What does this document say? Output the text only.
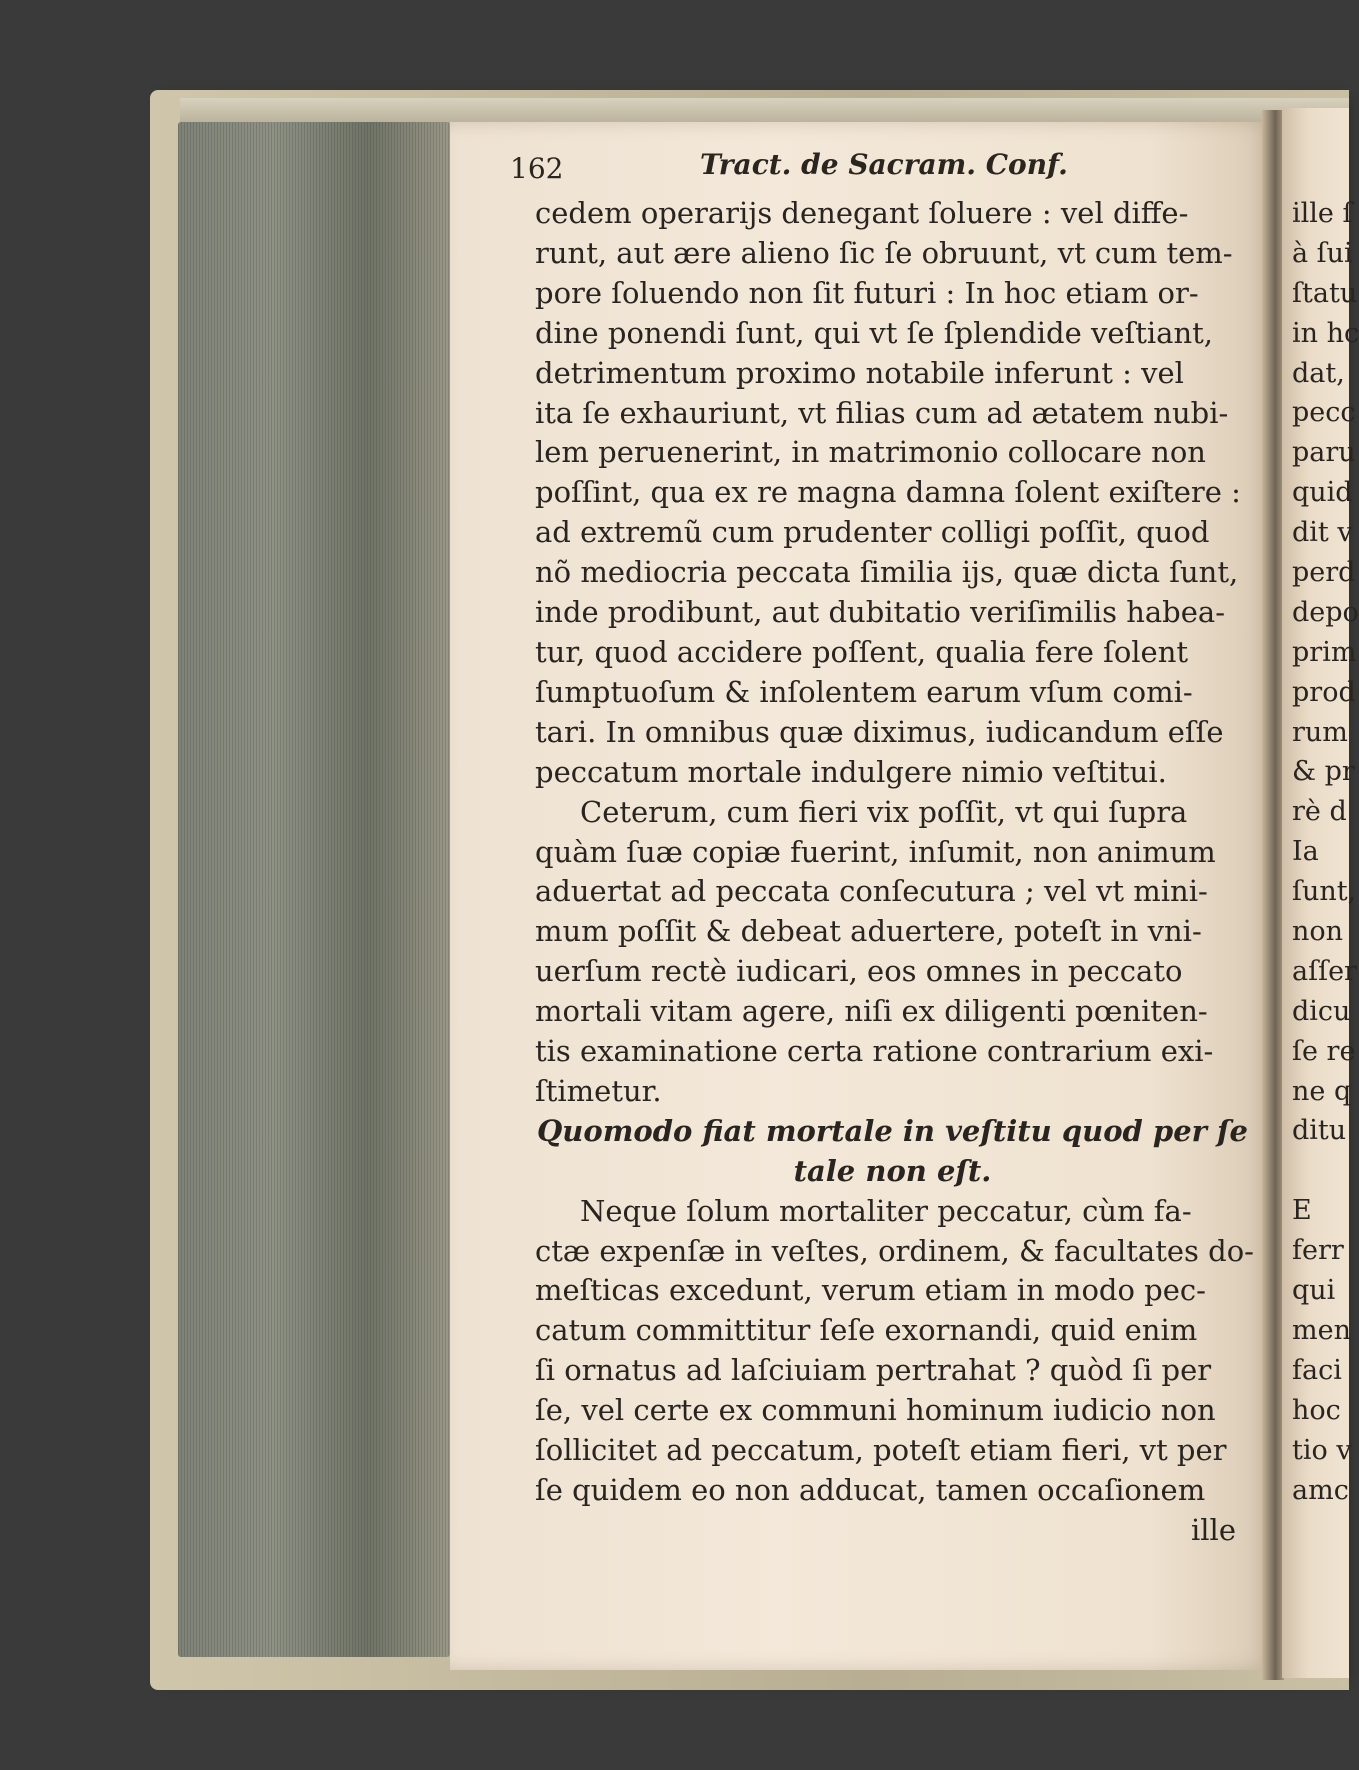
162	Tract. de Sacram. Conf.
cedem operarijs denegant ſoluere : vel diffe-
runt, aut ære alieno ſic ſe obruunt, vt cum tem-
pore ſoluendo non ſit futuri : In hoc etiam or-
dine ponendi ſunt, qui vt ſe ſplendide veſtiant,
detrimentum proximo notabile inferunt : vel
ita ſe exhauriunt, vt filias cum ad ætatem nubi-
lem peruenerint, in matrimonio collocare non
poſſint, qua ex re magna damna ſolent exiſtere :
ad extremũ cum prudenter colligi poſſit, quod
nõ mediocria peccata ſimilia ijs, quæ dicta ſunt,
inde prodibunt, aut dubitatio veriſimilis habea-
tur, quod accidere poſſent, qualia fere ſolent
ſumptuoſum & inſolentem earum vſum comi-
tari. In omnibus quæ diximus, iudicandum eſſe
peccatum mortale indulgere nimio veſtitui.
Ceterum, cum fieri vix poſſit, vt qui ſupra
quàm ſuæ copiæ fuerint, inſumit, non animum
aduertat ad peccata conſecutura ; vel vt mini-
mum poſſit & debeat aduertere, poteſt in vni-
uerſum rectè iudicari, eos omnes in peccato
mortali vitam agere, niſi ex diligenti pœniten-
tis examinatione certa ratione contrarium exi-
ſtimetur.
Quomodo fiat mortale in veſtitu quod per ſe
tale non eſt.
Neque ſolum mortaliter peccatur, cùm fa-
ctæ expenſæ in veſtes, ordinem, & facultates do-
meſticas excedunt, verum etiam in modo pec-
catum committitur ſeſe exornandi, quid enim
ſi ornatus ad laſciuiam pertrahat ? quòd ſi per
ſe, vel certe ex communi hominum iudicio non
ſollicitet ad peccatum, poteſt etiam fieri, vt per
ſe quidem eo non adducat, tamen occaſionem
ille
ille ſ
à ſui
ſtatu
in hc
dat,
pecc
paru
quid
dit v
perd
depo
prim
prod
rum
& pr
rè d
Ia
ſunt,
non
aſſer
dicu
ſe re
ne q
ditu
E
ferr
qui
men
faci
hoc
tio v
amc
